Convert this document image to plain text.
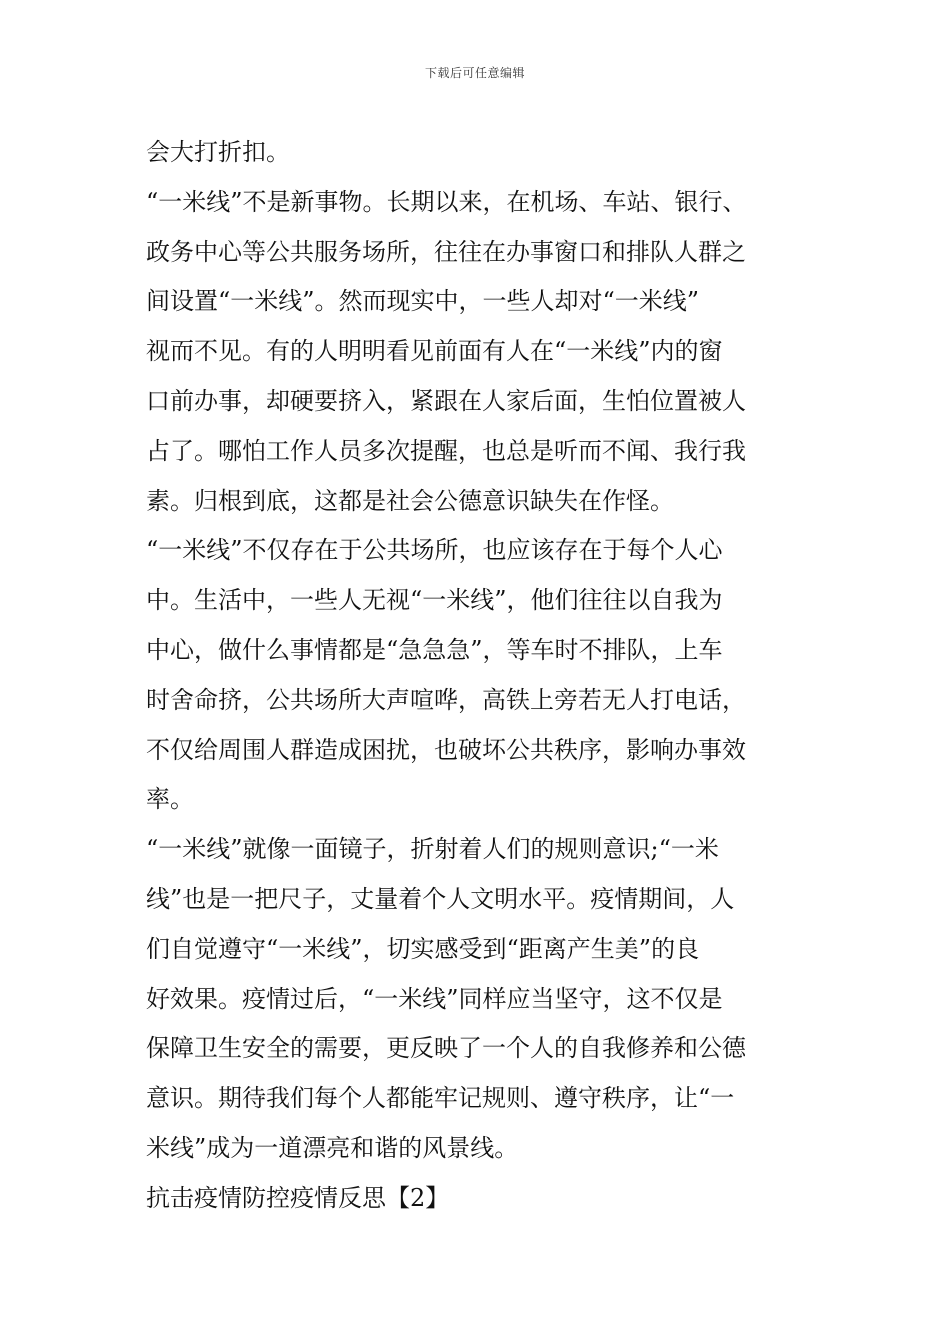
下载后可任意编辑
会大打折扣。
“一米线”不是新事物。长期以来，在机场、车站、银行、
政务中心等公共服务场所，往往在办事窗口和排队人群之
间设置“一米线”。然而现实中，一些人却对“一米线”
视而不见。有的人明明看见前面有人在“一米线”内的窗
口前办事，却硬要挤入，紧跟在人家后面，生怕位置被人
占了。哪怕工作人员多次提醒，也总是听而不闻、我行我
素。归根到底，这都是社会公德意识缺失在作怪。
“一米线”不仅存在于公共场所，也应该存在于每个人心
中。生活中，一些人无视“一米线”，他们往往以自我为
中心，做什么事情都是“急急急”，等车时不排队，上车
时舍命挤，公共场所大声喧哗，高铁上旁若无人打电话，
不仅给周围人群造成困扰，也破坏公共秩序，影响办事效
率。
“一米线”就像一面镜子，折射着人们的规则意识;“一米
线”也是一把尺子，丈量着个人文明水平。疫情期间，人
们自觉遵守“一米线”，切实感受到“距离产生美”的良
好效果。疫情过后，“一米线”同样应当坚守，这不仅是
保障卫生安全的需要，更反映了一个人的自我修养和公德
意识。期待我们每个人都能牢记规则、遵守秩序，让“一
米线”成为一道漂亮和谐的风景线。
抗击疫情防控疫情反思【2】
